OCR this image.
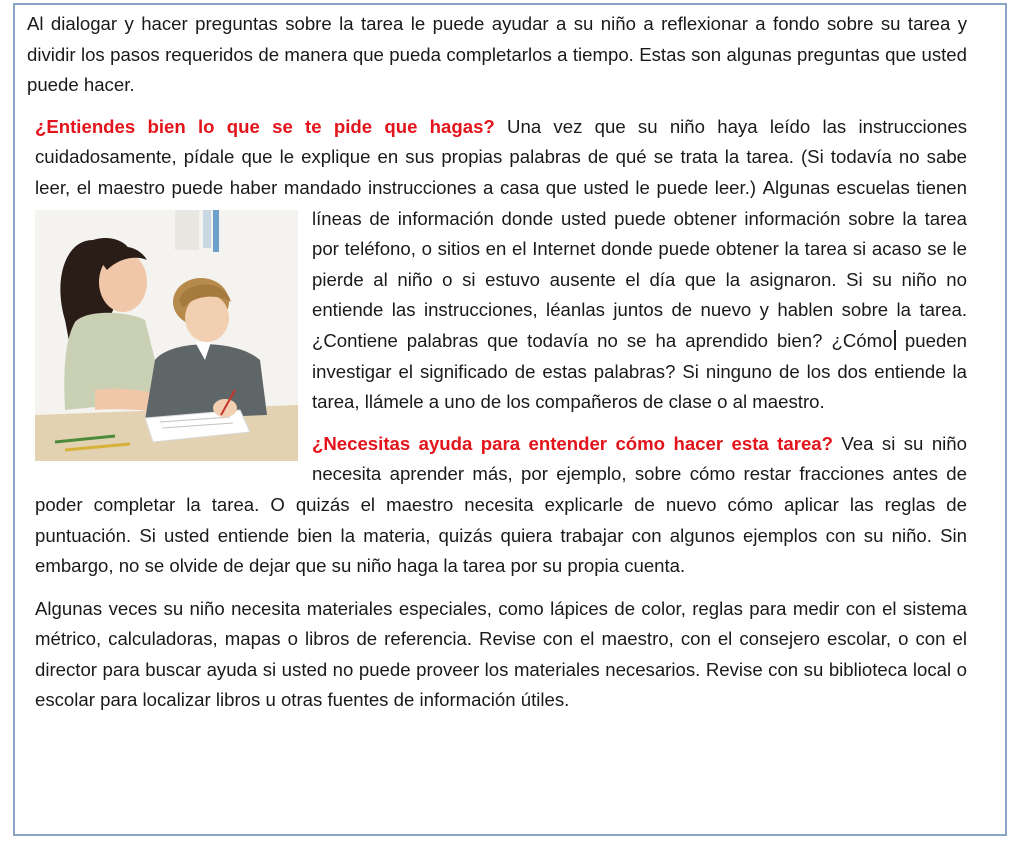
Al dialogar y hacer preguntas sobre la tarea le puede ayudar a su niño a reflexionar a fondo sobre su tarea y dividir los pasos requeridos de manera que pueda completarlos a tiempo. Estas son algunas preguntas que usted puede hacer.

¿Entiendes bien lo que se te pide que hagas? Una vez que su niño haya leído las instrucciones cuidadosamente, pídale que le explique en sus propias palabras de qué se trata la tarea. (Si todavía no sabe leer, el maestro puede haber mandado instrucciones a casa que usted le puede leer.)
Algunas escuelas tienen líneas de información donde usted puede obtener información sobre la tarea por teléfono, o sitios en el Internet donde puede obtener la tarea si acaso se le pierde al niño o si estuvo ausente el día que la asignaron. Si su niño no entiende las instrucciones, léanlas juntos de nuevo y hablen sobre la tarea. ¿Contiene palabras que todavía no se ha aprendido bien? ¿Cómo pueden investigar el significado de estas palabras? Si ninguno de los dos entiende la tarea, llámele a uno de los compañeros de clase o al maestro.

¿Necesitas ayuda para entender cómo hacer esta tarea? Vea si su niño necesita aprender más, por ejemplo, sobre cómo restar fracciones antes de poder completar la tarea. O quizás el maestro necesita explicarle de nuevo cómo aplicar las reglas de puntuación. Si usted entiende bien la materia, quizás quiera trabajar con algunos ejemplos con su niño. Sin embargo, no se olvide de dejar que su niño haga la tarea por su propia cuenta.

Algunas veces su niño necesita materiales especiales, como lápices de color, reglas para medir con el sistema métrico, calculadoras, mapas o libros de referencia. Revise con el maestro, con el consejero escolar, o con el director para buscar ayuda si usted no puede proveer los materiales necesarios. Revise con su biblioteca local o escolar para localizar libros u otras fuentes de información útiles.
